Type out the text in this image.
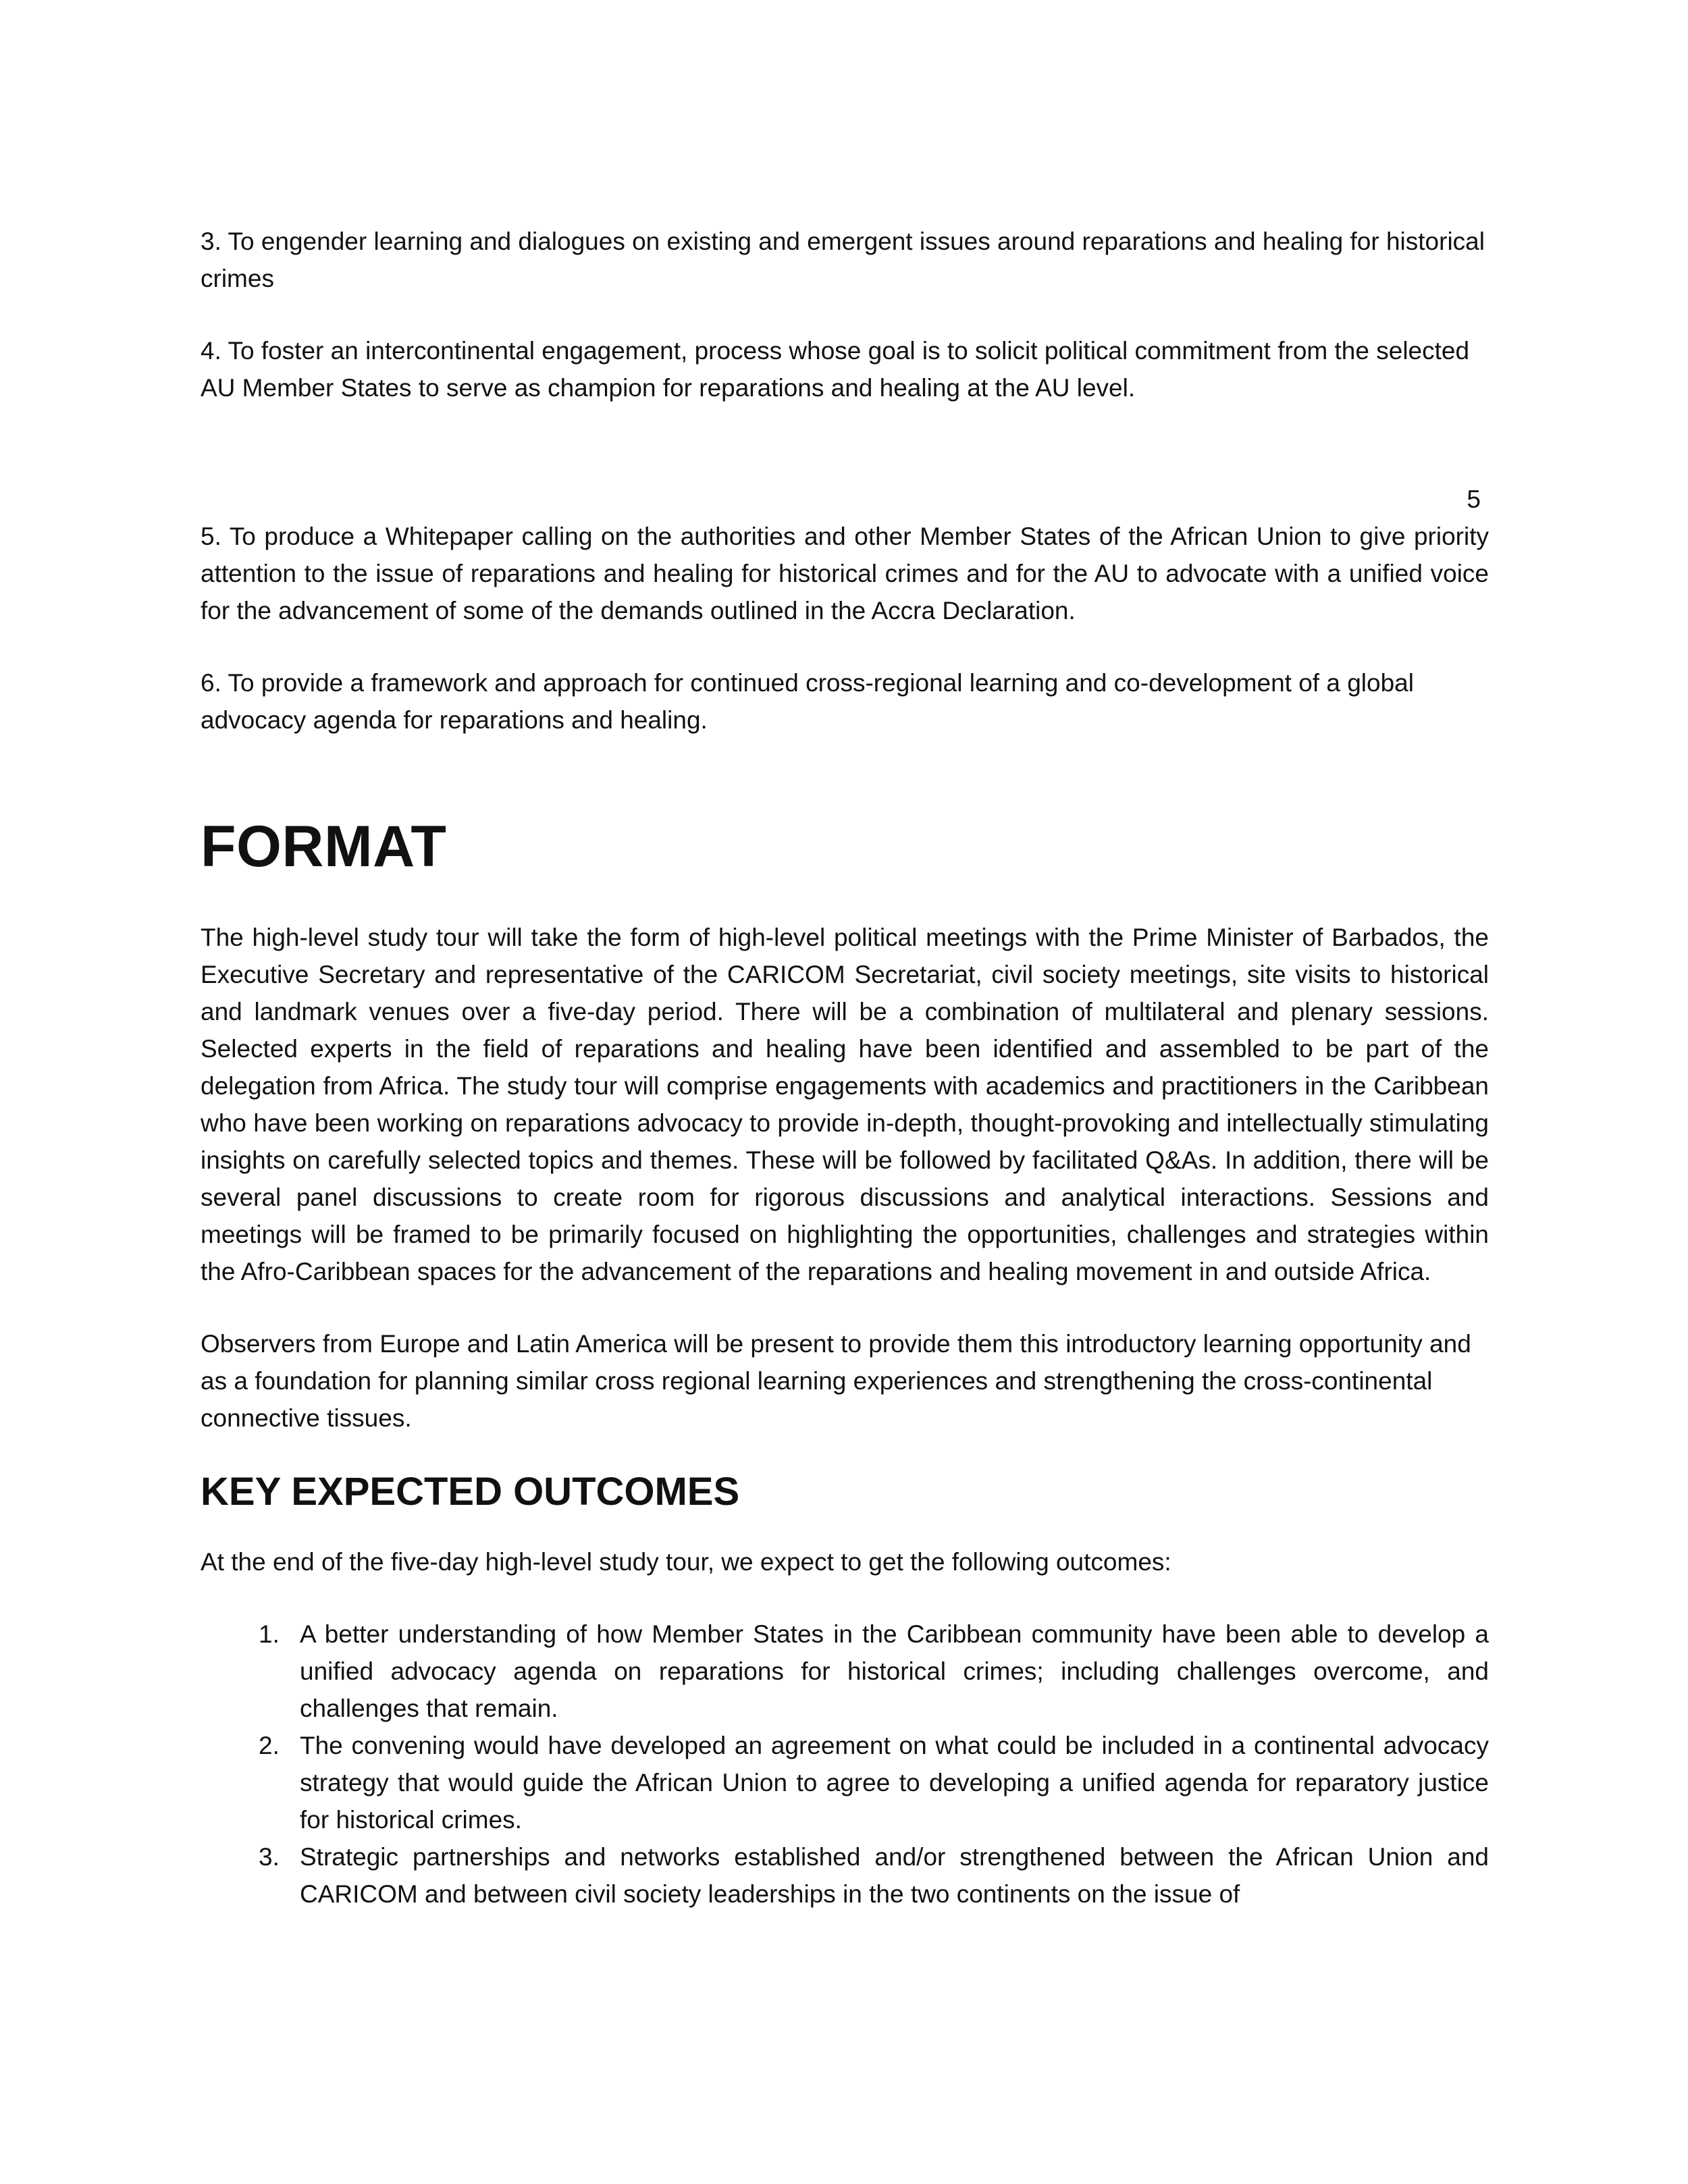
3. To engender learning and dialogues on existing and emergent issues around reparations and healing for historical crimes

4. To foster an intercontinental engagement, process whose goal is to solicit political commitment from the selected AU Member States to serve as champion for reparations and healing at the AU level.

5

5. To produce a Whitepaper calling on the authorities and other Member States of the African Union to give priority attention to the issue of reparations and healing for historical crimes and for the AU to advocate with a unified voice for the advancement of some of the demands outlined in the Accra Declaration.

6. To provide a framework and approach for continued cross-regional learning and co-development of a global advocacy agenda for reparations and healing.

FORMAT

The high-level study tour will take the form of high-level political meetings with the Prime Minister of Barbados, the Executive Secretary and representative of the CARICOM Secretariat, civil society meetings, site visits to historical and landmark venues over a five-day period. There will be a combination of multilateral and plenary sessions. Selected experts in the field of reparations and healing have been identified and assembled to be part of the delegation from Africa. The study tour will comprise engagements with academics and practitioners in the Caribbean who have been working on reparations advocacy to provide in-depth, thought-provoking and intellectually stimulating insights on carefully selected topics and themes. These will be followed by facilitated Q&As. In addition, there will be several panel discussions to create room for rigorous discussions and analytical interactions. Sessions and meetings will be framed to be primarily focused on highlighting the opportunities, challenges and strategies within the Afro-Caribbean spaces for the advancement of the reparations and healing movement in and outside Africa.

Observers from Europe and Latin America will be present to provide them this introductory learning opportunity and as a foundation for planning similar cross regional learning experiences and strengthening the cross-continental connective tissues.

KEY EXPECTED OUTCOMES

At the end of the five-day high-level study tour, we expect to get the following outcomes:

1. A better understanding of how Member States in the Caribbean community have been able to develop a unified advocacy agenda on reparations for historical crimes; including challenges overcome, and challenges that remain.
2. The convening would have developed an agreement on what could be included in a continental advocacy strategy that would guide the African Union to agree to developing a unified agenda for reparatory justice for historical crimes.
3. Strategic partnerships and networks established and/or strengthened between the African Union and CARICOM and between civil society leaderships in the two continents on the issue of
